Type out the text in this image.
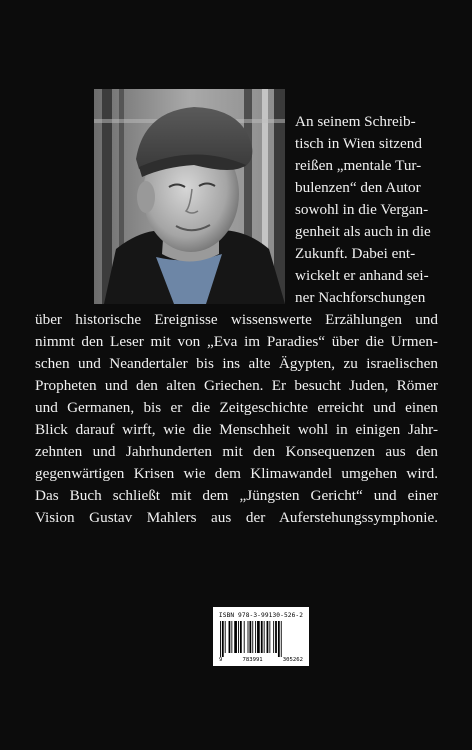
An seinem Schreib-
tisch in Wien sitzend
reißen „mentale Tur-
bulenzen“ den Autor
sowohl in die Vergan-
genheit als auch in die
Zukunft. Dabei ent-
wickelt er anhand sei-
ner Nachforschungen
über historische Ereignisse wissenswerte Erzählungen und
nimmt den Leser mit von „Eva im Paradies“ über die Urmen-
schen und Neandertaler bis ins alte Ägypten, zu israelischen
Propheten und den alten Griechen. Er besucht Juden, Römer
und Germanen, bis er die Zeitgeschichte erreicht und einen
Blick darauf wirft, wie die Menschheit wohl in einigen Jahr-
zehnten und Jahrhunderten mit den Konsequenzen aus den
gegenwärtigen Krisen wie dem Klimawandel umgehen wird.
Das Buch schließt mit dem „Jüngsten Gericht“ und einer
Vision Gustav Mahlers aus der Auferstehungssymphonie.
ISBN 978-3-99130-526-2
9	783991	305262
